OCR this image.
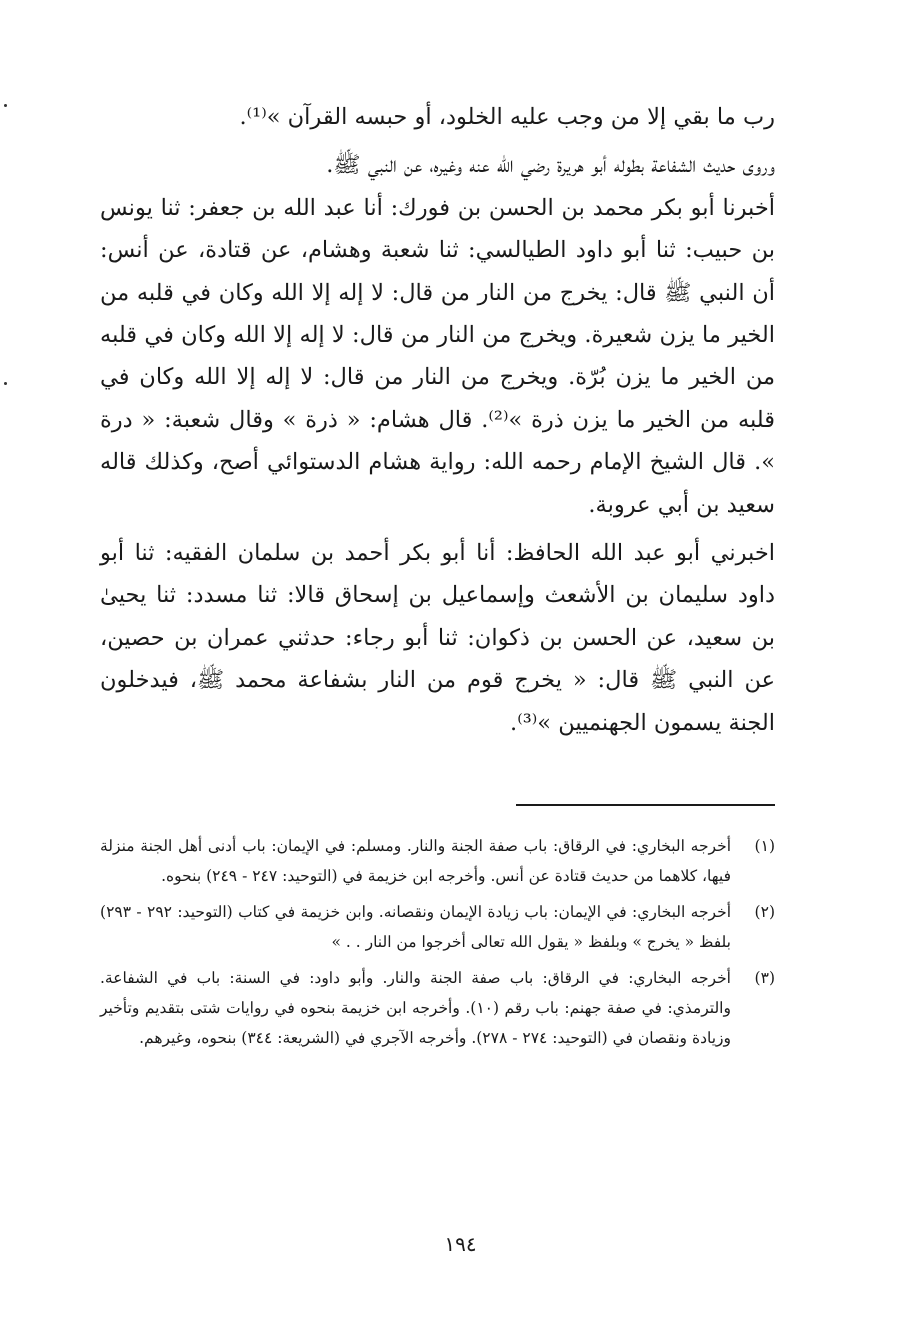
رب ما بقي إلا من وجب عليه الخلود، أو حبسه القرآن »⁽¹⁾.

وروى حديث الشفاعة بطوله أبو هريرة رضي الله عنه وغيره، عن النبي ﷺ.

أخبرنا أبو بكر محمد بن الحسن بن فورك: أنا عبد الله بن جعفر: ثنا يونس بن حبيب: ثنا أبو داود الطيالسي: ثنا شعبة وهشام، عن قتادة، عن أنس: أن النبي ﷺ قال: يخرج من النار من قال: لا إله إلا الله وكان في قلبه من الخير ما يزن شعيرة. ويخرج من النار من قال: لا إله إلا الله وكان في قلبه من الخير ما يزن بُرّة. ويخرج من النار من قال: لا إله إلا الله وكان في قلبه من الخير ما يزن ذرة »⁽²⁾. قال هشام: « ذرة » وقال شعبة: « درة ». قال الشيخ الإمام رحمه الله: رواية هشام الدستوائي أصح، وكذلك قاله سعيد بن أبي عروبة.

اخبرني أبو عبد الله الحافظ: أنا أبو بكر أحمد بن سلمان الفقيه: ثنا أبو داود سليمان بن الأشعث وإسماعيل بن إسحاق قالا: ثنا مسدد: ثنا يحيىٰ بن سعيد، عن الحسن بن ذكوان: ثنا أبو رجاء: حدثني عمران بن حصين، عن النبي ﷺ قال: « يخرج قوم من النار بشفاعة محمد ﷺ، فيدخلون الجنة يسمون الجهنميين »⁽³⁾.

(١)
أخرجه البخاري: في الرقاق: باب صفة الجنة والنار. ومسلم: في الإيمان: باب أدنى أهل الجنة منزلة فيها، كلاهما من حديث قتادة عن أنس. وأخرجه ابن خزيمة في (التوحيد: ٢٤٧ - ٢٤٩) بنحوه.
(٢)
أخرجه البخاري: في الإيمان: باب زيادة الإيمان ونقصانه. وابن خزيمة في كتاب (التوحيد: ٢٩٢ - ٢٩٣) بلفظ « يخرج » وبلفظ « يقول الله تعالى أخرجوا من النار . . »
(٣)
أخرجه البخاري: في الرقاق: باب صفة الجنة والنار. وأبو داود: في السنة: باب في الشفاعة. والترمذي: في صفة جهنم: باب رقم (١٠). وأخرجه ابن خزيمة بنحوه في روايات شتى بتقديم وتأخير وزيادة ونقصان في (التوحيد: ٢٧٤ - ٢٧٨). وأخرجه الآجري في (الشريعة: ٣٤٤) بنحوه، وغيرهم.
١٩٤
